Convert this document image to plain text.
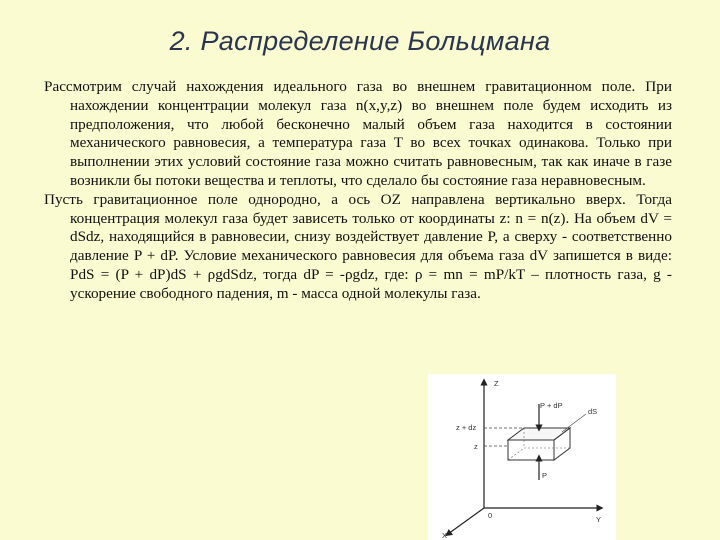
2. Распределение Больцмана

Рассмотрим случай нахождения идеального газа во внешнем гравитационном поле. При нахождении концентрации молекул газа n(x,y,z) во внешнем поле будем исходить из предположения, что любой бесконечно малый объем газа находится в состоянии механического равновесия, а температура газа T во всех точках одинакова. Только при выполнении этих условий состояние газа можно считать равновесным, так как иначе в газе возникли бы потоки вещества и теплоты, что сделало бы состояние газа неравновесным.

Пусть гравитационное поле однородно, а ось OZ направлена вертикально вверх. Тогда концентрация молекул газа будет зависеть только от координаты z: n = n(z). На объем dV = dSdz, находящийся в равновесии, снизу воздействует давление P, а сверху - соответственно давление P + dP. Условие механического равновесия для объема газа dV запишется в виде: PdS = (P + dP)dS + ρgdSdz, тогда dP = -ρgdz, где: ρ = mn = mP/kT – плотность газа, g - ускорение свободного падения, m - масса одной молекулы газа.

Z
Y
X
0
z + dz
z
P + dP
dS
P
